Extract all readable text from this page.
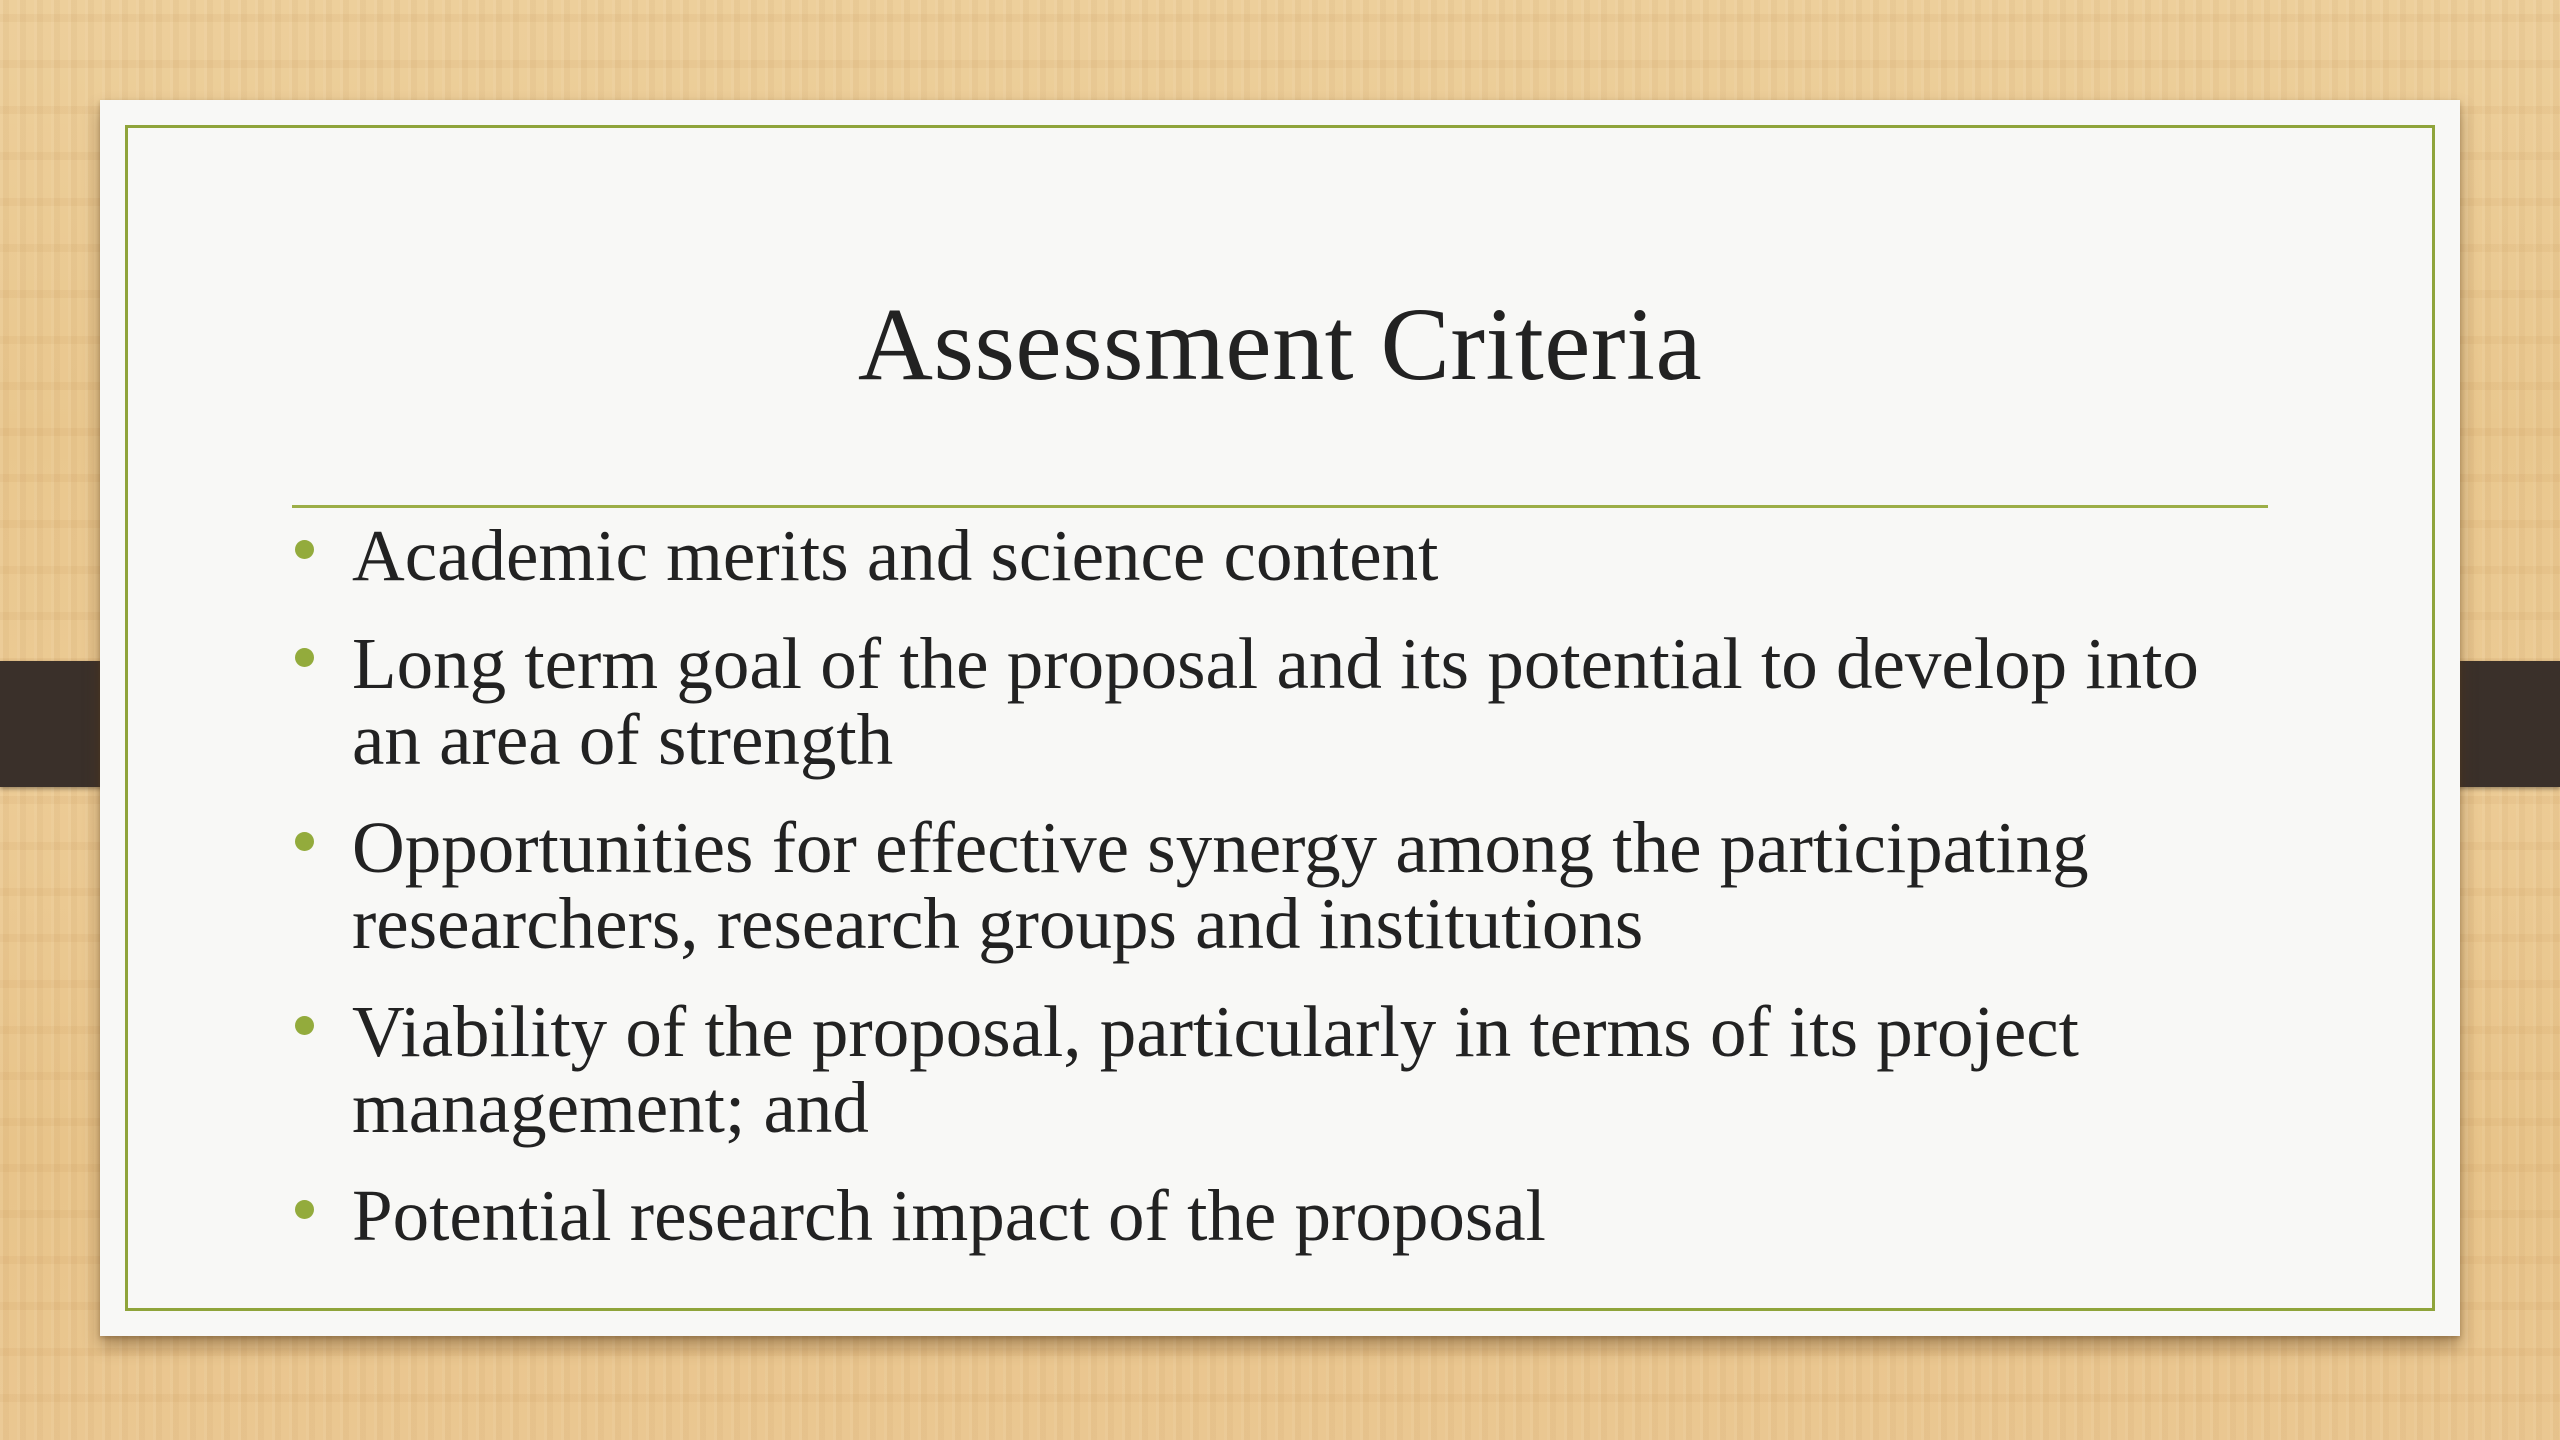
Assessment Criteria
Academic merits and science content
Long term goal of the proposal and its potential to develop into an area of strength
Opportunities for effective synergy among the participating researchers, research groups and institutions
Viability of the proposal, particularly in terms of its project management; and
Potential research impact of the proposal
